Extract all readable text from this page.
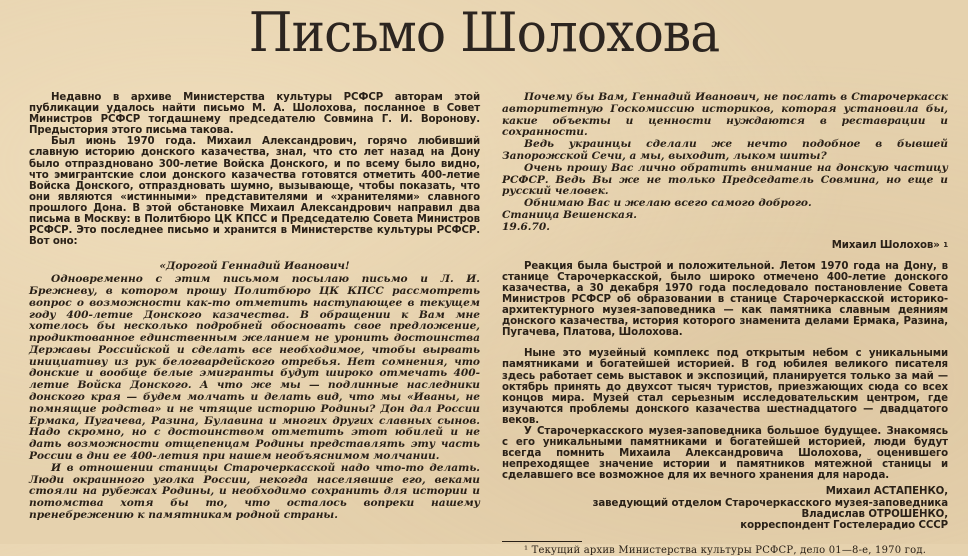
Письмо Шолохова

Недавно в архиве Министерства культуры РСФСР авторам этой публикации удалось найти письмо М. А. Шолохова, посланное в Совет Министров РСФСР тогдашнему председателю Совмина Г. И. Воронову. Предыстория этого письма такова.

Был июнь 1970 года. Михаил Александрович, горячо любивший славную историю донского казачества, знал, что сто лет назад на Дону было отпраздновано 300-летие Войска Донского, и по всему было видно, что эмигрантские слои донского казачества готовятся отметить 400-летие Войска Донского, отпраздновать шумно, вызывающе, чтобы показать, что они являются «истинными» представителями и «хранителями» славного прошлого Дона. В этой обстановке Михаил Александрович направил два письма в Москву: в Политбюро ЦК КПСС и Председателю Совета Министров РСФСР. Это последнее письмо и хранится в Министерстве культуры РСФСР. Вот оно:

«Дорогой Геннадий Иванович!

Одновременно с этим письмом посылаю письмо и Л. И. Брежневу, в котором прошу Политбюро ЦК КПСС рассмотреть вопрос о возможности как-то отметить наступающее в текущем году 400-летие Донского казачества. В обращении к Вам мне хотелось бы несколько подробней обосновать свое предложение, продиктованное единственным желанием не уронить достоинства Державы Российской и сделать все необходимое, чтобы вырвать инициативу из рук белогвардейского отребья. Нет сомнения, что донские и вообще белые эмигранты будут широко отмечать 400-летие Войска Донского. А что же мы — подлинные наследники донского края — будем молчать и делать вид, что мы «Иваны, не помнящие родства» и не чтящие историю Родины? Дон дал России Ермака, Пугачева, Разина, Булавина и многих других славных сынов. Надо скромно, но с достоинством отметить этот юбилей и не дать возможности отщепенцам Родины представлять эту часть России в дни ее 400-летия при нашем необъяснимом молчании.

И в отношении станицы Старочеркасской надо что-то делать. Люди окраинного уголка России, некогда населявшие его, веками стояли на рубежах Родины, и необходимо сохранить для истории и потомства хотя бы то, что осталось вопреки нашему пренебрежению к памятникам родной страны.

Почему бы Вам, Геннадий Иванович, не послать в Старочеркасск авторитетную Госкомиссию историков, которая установила бы, какие объекты и ценности нуждаются в реставрации и сохранности.

Ведь украинцы сделали же нечто подобное в бывшей Запорожской Сечи, а мы, выходит, лыком шиты?

Очень прошу Вас лично обратить внимание на донскую частицу РСФСР. Ведь Вы же не только Председатель Совмина, но еще и русский человек.

Обнимаю Вас и желаю всего самого доброго.

Станица Вешенская.

19.6.70.

Михаил Шолохов» $^1$

Реакция была быстрой и положительной. Летом 1970 года на Дону, в станице Старочеркасской, было широко отмечено 400-летие донского казачества, а 30 декабря 1970 года последовало постановление Совета Министров РСФСР об образовании в станице Старочеркасской историко-архитектурного музея-заповедника — как памятника славным деяниям донского казачества, история которого знаменита делами Ермака, Разина, Пугачева, Платова, Шолохова.

Ныне это музейный комплекс под открытым небом с уникальными памятниками и богатейшей историей. В год юбилея великого писателя здесь работает семь выставок и экспозиций, планируется только за май — октябрь принять до двухсот тысяч туристов, приезжающих сюда со всех концов мира. Музей стал серьезным исследовательским центром, где изучаются проблемы донского казачества шестнадцатого — двадцатого веков.

У Старочеркасского музея-заповедника большое будущее. Знакомясь с его уникальными памятниками и богатейшей историей, люди будут всегда помнить Михаила Александровича Шолохова, оценившего непреходящее значение истории и памятников мятежной станицы и сделавшего все возможное для их вечного хранения для народа.

Михаил АСТАПЕНКО,

заведующий отделом Старочеркасского музея-заповедника

Владислав ОТРОШЕНКО,

корреспондент Гостелерадио СССР

¹ Текущий архив Министерства культуры РСФСР, дело 01—8-е, 1970 год.
